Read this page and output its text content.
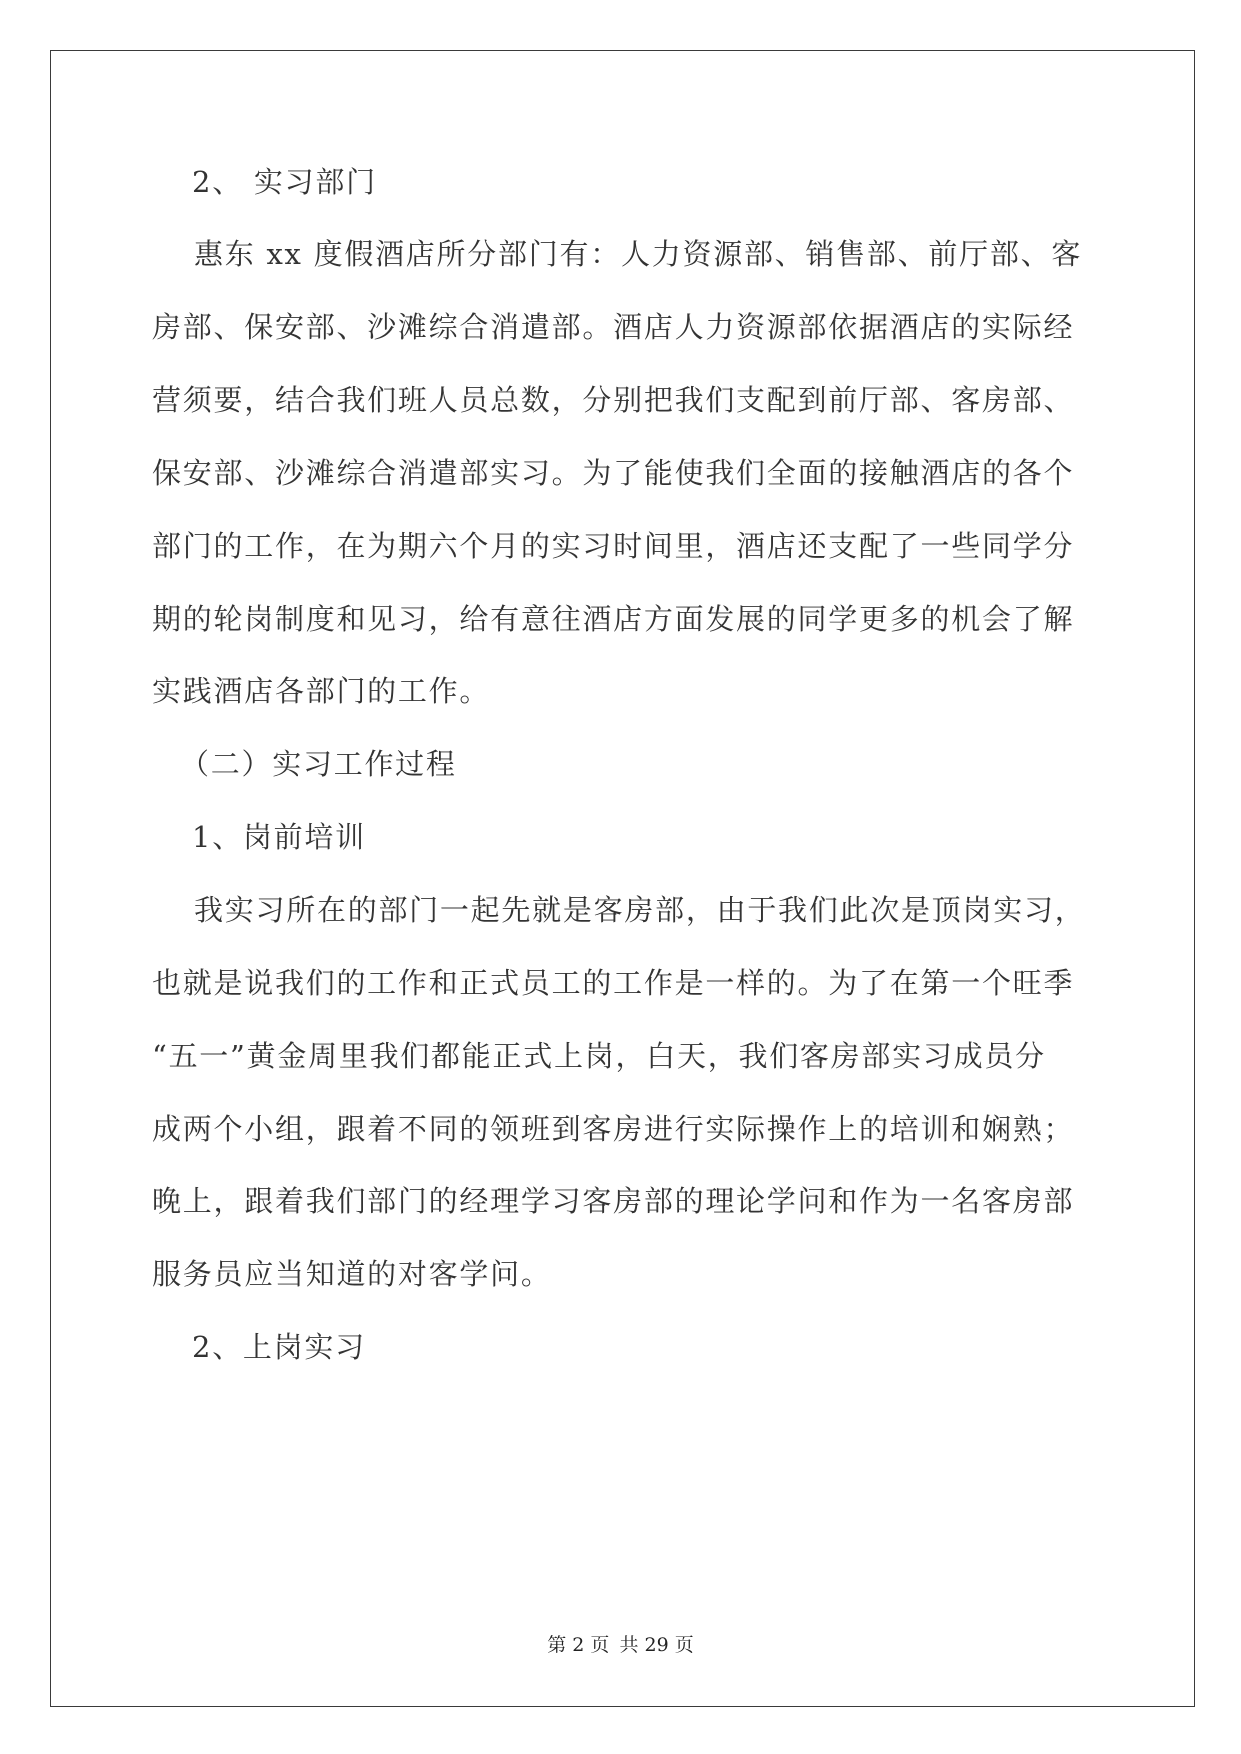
2、 实习部门
惠东 xx 度假酒店所分部门有：人力资源部、销售部、前厅部、客
房部、保安部、沙滩综合消遣部。酒店人力资源部依据酒店的实际经
营须要，结合我们班人员总数，分别把我们支配到前厅部、客房部、
保安部、沙滩综合消遣部实习。为了能使我们全面的接触酒店的各个
部门的工作，在为期六个月的实习时间里，酒店还支配了一些同学分
期的轮岗制度和见习，给有意往酒店方面发展的同学更多的机会了解
实践酒店各部门的工作。
（二）实习工作过程
1、岗前培训
我实习所在的部门一起先就是客房部，由于我们此次是顶岗实习，
也就是说我们的工作和正式员工的工作是一样的。为了在第一个旺季
“五一”黄金周里我们都能正式上岗，白天，我们客房部实习成员分
成两个小组，跟着不同的领班到客房进行实际操作上的培训和娴熟；
晚上，跟着我们部门的经理学习客房部的理论学问和作为一名客房部
服务员应当知道的对客学问。
2、上岗实习
第 2 页 共 29 页
